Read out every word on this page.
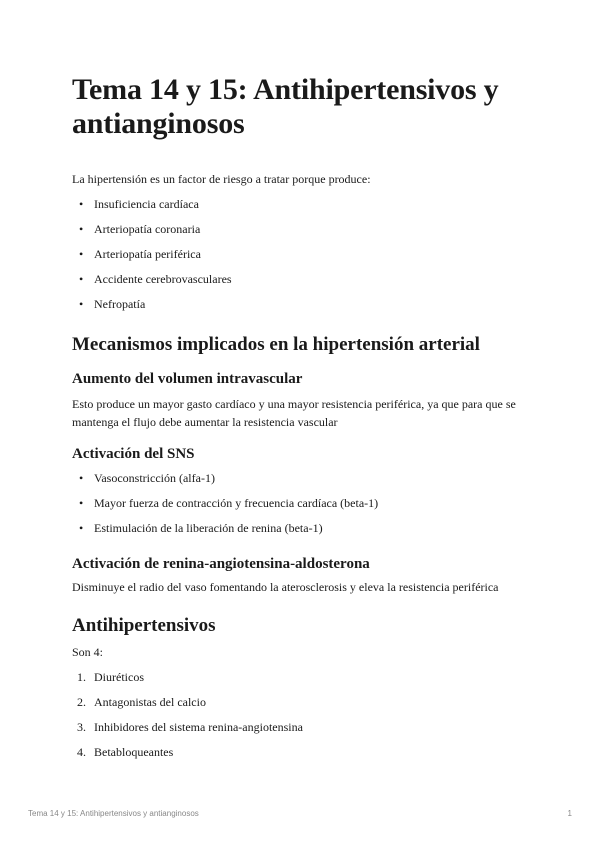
Tema 14 y 15: Antihipertensivos y antianginosos

La hipertensión es un factor de riesgo a tratar porque produce:

• Insuficiencia cardíaca
• Arteriopatía coronaria
• Arteriopatía periférica
• Accidente cerebrovasculares
• Nefropatía
Mecanismos implicados en la hipertensión arterial
Aumento del volumen intravascular

Esto produce un mayor gasto cardíaco y una mayor resistencia periférica, ya que para que se mantenga el flujo debe aumentar la resistencia vascular

Activación del SNS
• Vasoconstricción (alfa-1)
• Mayor fuerza de contracción y frecuencia cardíaca (beta-1)
• Estimulación de la liberación de renina (beta-1)
Activación de renina-angiotensina-aldosterona

Disminuye el radio del vaso fomentando la aterosclerosis y eleva la resistencia periférica

Antihipertensivos

Son 4:

1. Diuréticos
2. Antagonistas del calcio
3. Inhibidores del sistema renina-angiotensina
4. Betabloqueantes
Tema 14 y 15: Antihipertensivos y antianginosos	1
